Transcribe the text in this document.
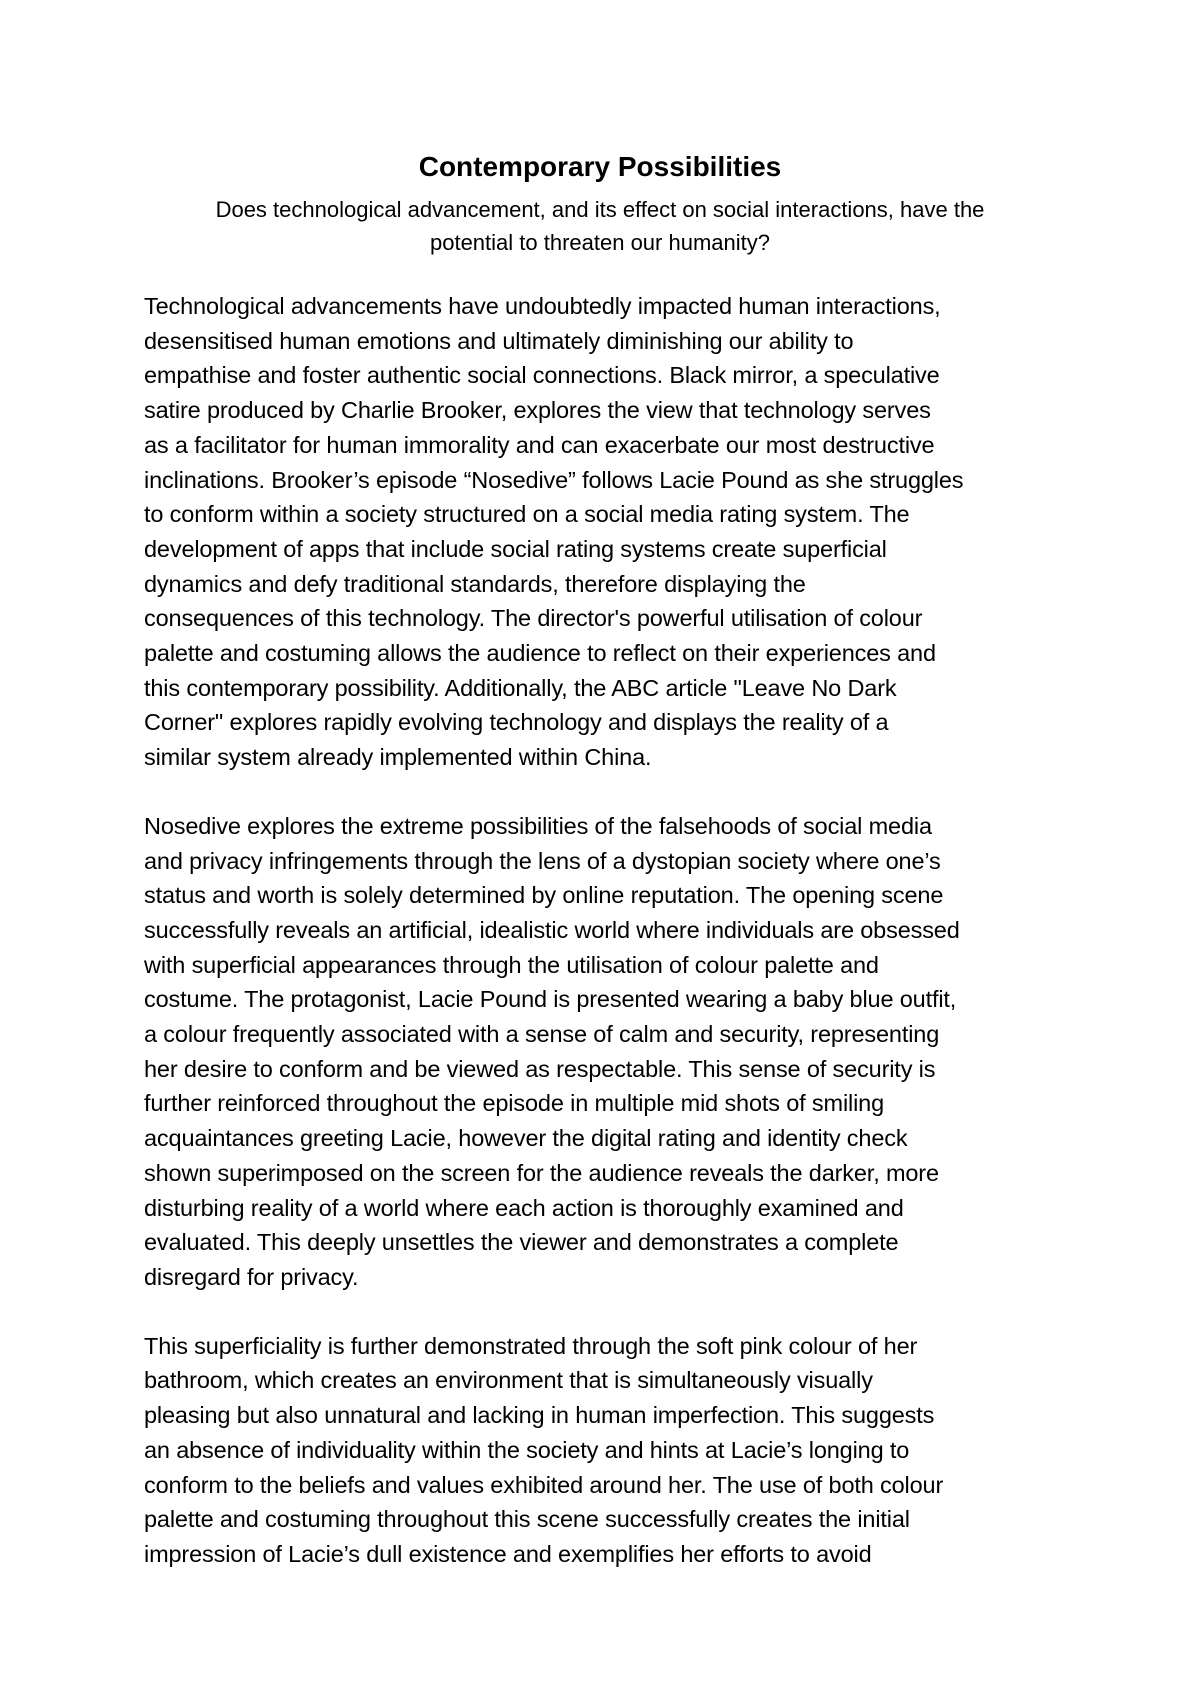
Contemporary Possibilities
Does technological advancement, and its effect on social interactions, have the
potential to threaten our humanity?

Technological advancements have undoubtedly impacted human interactions,
desensitised human emotions and ultimately diminishing our ability to
empathise and foster authentic social connections. Black mirror, a speculative
satire produced by Charlie Brooker, explores the view that technology serves
as a facilitator for human immorality and can exacerbate our most destructive
inclinations. Brooker’s episode “Nosedive” follows Lacie Pound as she struggles
to conform within a society structured on a social media rating system. The
development of apps that include social rating systems create superficial
dynamics and defy traditional standards, therefore displaying the
consequences of this technology. The director's powerful utilisation of colour
palette and costuming allows the audience to reflect on their experiences and
this contemporary possibility. Additionally, the ABC article "Leave No Dark
Corner" explores rapidly evolving technology and displays the reality of a
similar system already implemented within China.

Nosedive explores the extreme possibilities of the falsehoods of social media
and privacy infringements through the lens of a dystopian society where one’s
status and worth is solely determined by online reputation. The opening scene
successfully reveals an artificial, idealistic world where individuals are obsessed
with superficial appearances through the utilisation of colour palette and
costume. The protagonist, Lacie Pound is presented wearing a baby blue outfit,
a colour frequently associated with a sense of calm and security, representing
her desire to conform and be viewed as respectable. This sense of security is
further reinforced throughout the episode in multiple mid shots of smiling
acquaintances greeting Lacie, however the digital rating and identity check
shown superimposed on the screen for the audience reveals the darker, more
disturbing reality of a world where each action is thoroughly examined and
evaluated. This deeply unsettles the viewer and demonstrates a complete
disregard for privacy.

This superficiality is further demonstrated through the soft pink colour of her
bathroom, which creates an environment that is simultaneously visually
pleasing but also unnatural and lacking in human imperfection. This suggests
an absence of individuality within the society and hints at Lacie’s longing to
conform to the beliefs and values exhibited around her. The use of both colour
palette and costuming throughout this scene successfully creates the initial
impression of Lacie’s dull existence and exemplifies her efforts to avoid
